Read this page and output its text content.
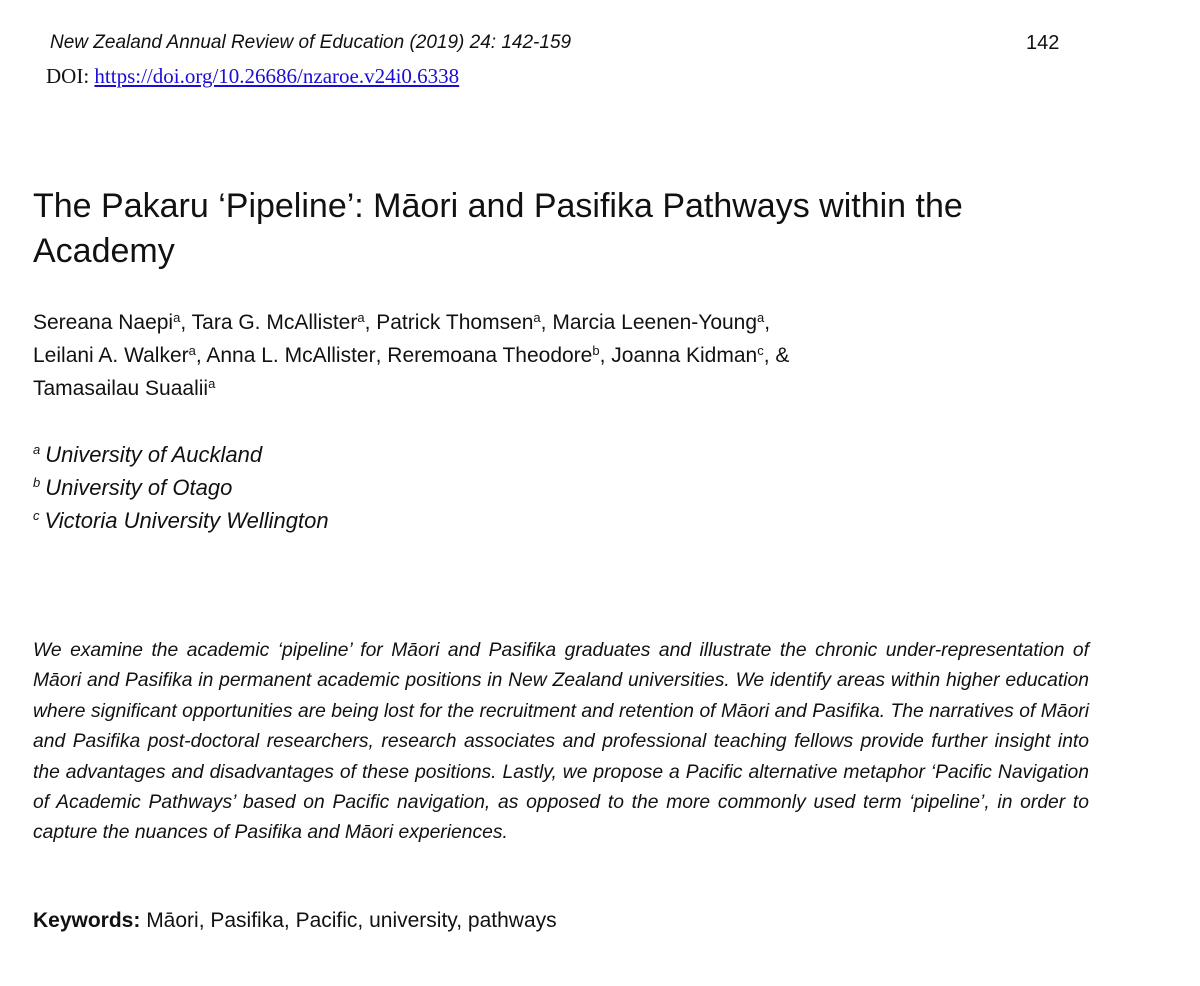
New Zealand Annual Review of Education (2019) 24: 142-159	142
DOI: https://doi.org/10.26686/nzaroe.v24i0.6338
The Pakaru ‘Pipeline’: Māori and Pasifika Pathways within the
Academy
Sereana Naepi$^a$, Tara G. McAllister$^a$, Patrick Thomsen$^a$, Marcia Leenen-Young$^a$,
Leilani A. Walker$^a$, Anna L. McAllister, Reremoana Theodore$^b$, Joanna Kidman$^c$, &
Tamasailau Suaalii$^a$
$^a$ University of Auckland
$^b$ University of Otago
$^c$ Victoria University Wellington

We examine the academic ‘pipeline’ for Māori and Pasifika graduates and illustrate the chronic under-representation of Māori and Pasifika in permanent academic positions in New Zealand universities. We identify areas within higher education where significant opportunities are being lost for the recruitment and retention of Māori and Pasifika. The narratives of Māori and Pasifika post-doctoral researchers, research associates and professional teaching fellows provide further insight into the advantages and disadvantages of these positions. Lastly, we propose a Pacific alternative metaphor ‘Pacific Navigation of Academic Pathways’ based on Pacific navigation, as opposed to the more commonly used term ‘pipeline’, in order to capture the nuances of Pasifika and Māori experiences.

Keywords: Māori, Pasifika, Pacific, university, pathways
